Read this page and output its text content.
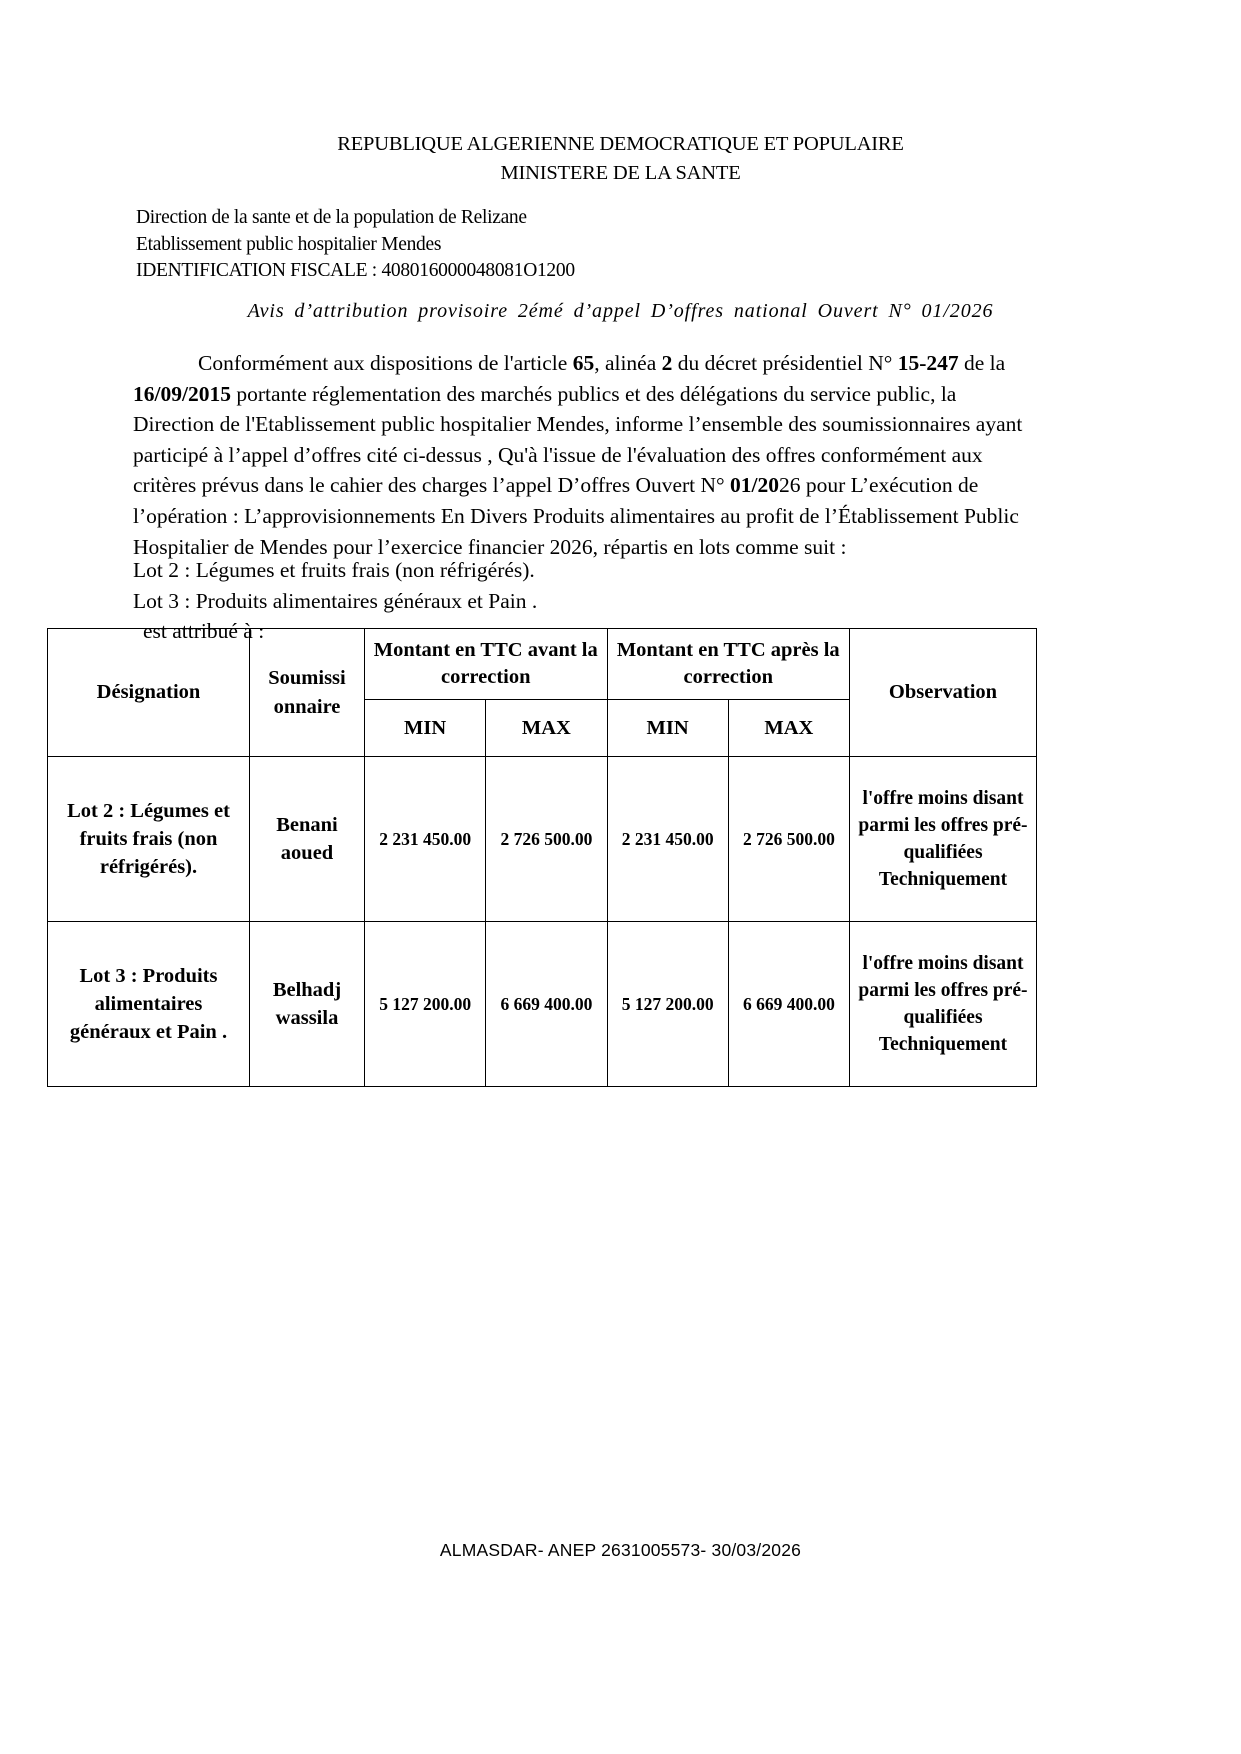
REPUBLIQUE ALGERIENNE DEMOCRATIQUE ET POPULAIRE
MINISTERE DE LA SANTE
Direction de la sante et de la population de Relizane
Etablissement public hospitalier Mendes
IDENTIFICATION FISCALE : 408016000048081O1200
Avis d’attribution provisoire 2émé d’appel D’offres national Ouvert N° 01/2026

Conformément aux dispositions de l'article 65, alinéa 2 du décret présidentiel N° 15-247 de la 16/09/2015 portante réglementation des marchés publics et des délégations du service public, la Direction de l'Etablissement public hospitalier Mendes, informe l’ensemble des soumissionnaires ayant participé à l’appel d’offres cité ci-dessus , Qu'à l'issue de l'évaluation des offres conformément aux critères prévus dans le cahier des charges l’appel D’offres Ouvert N° 01/2026 pour L’exécution de l’opération : L’approvisionnements En Divers Produits alimentaires au profit de l’Établissement Public Hospitalier de Mendes pour l’exercice financier 2026, répartis en lots comme suit :

Lot 2 : Légumes et fruits frais (non réfrigérés).
Lot 3 : Produits alimentaires généraux et Pain .
est attribué à :
Désignation	Soumissi onnaire	Montant en TTC avant la correction		Montant en TTC après la correction		Observation
		MIN	MAX	MIN	MAX	
Lot 2 : Légumes et fruits frais (non réfrigérés).	Benani aoued	2 231 450.00	2 726 500.00	2 231 450.00	2 726 500.00	l'offre moins disant parmi les offres pré-qualifiées Techniquement
Lot 3 : Produits alimentaires généraux et Pain .	Belhadj wassila	5 127 200.00	6 669 400.00	5 127 200.00	6 669 400.00	l'offre moins disant parmi les offres pré-qualifiées Techniquement
ALMASDAR- ANEP 2631005573- 30/03/2026
